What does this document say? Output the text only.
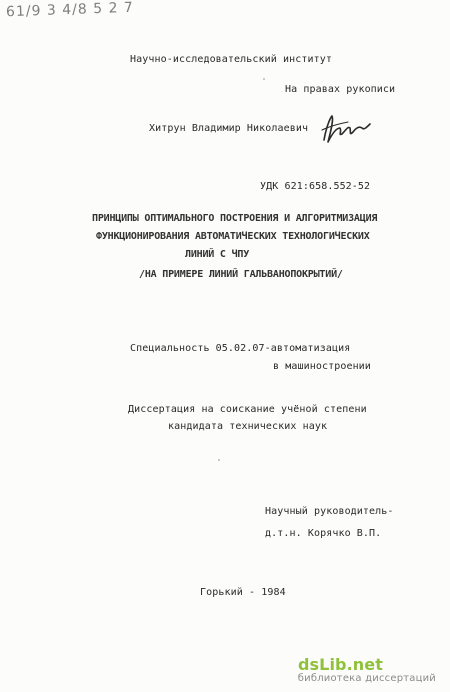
61/9 3 4/8 5 2 7
Научно-исследовательский институт
На правах рукописи
Хитрун Владимир Николаевич
УДК 621:658.552-52
ПРИНЦИПЫ ОПТИМАЛЬНОГО ПОСТРОЕНИЯ И АЛГОРИТМИЗАЦИЯ
ФУНКЦИОНИРОВАНИЯ АВТОМАТИЧЕСКИХ ТЕХНОЛОГИЧЕСКИХ
ЛИНИЙ С ЧПУ
/НА ПРИМЕРЕ ЛИНИЙ ГАЛЬВАНОПОКРЫТИЙ/
Специальность 05.02.07-автоматизация
в машиностроении
Диссертация на соискание учёной степени
кандидата технических наук
Научный руководитель-
д.т.н. Корячко В.П.
Горький - 1984
dsLib.net
библиотека диссертаций
